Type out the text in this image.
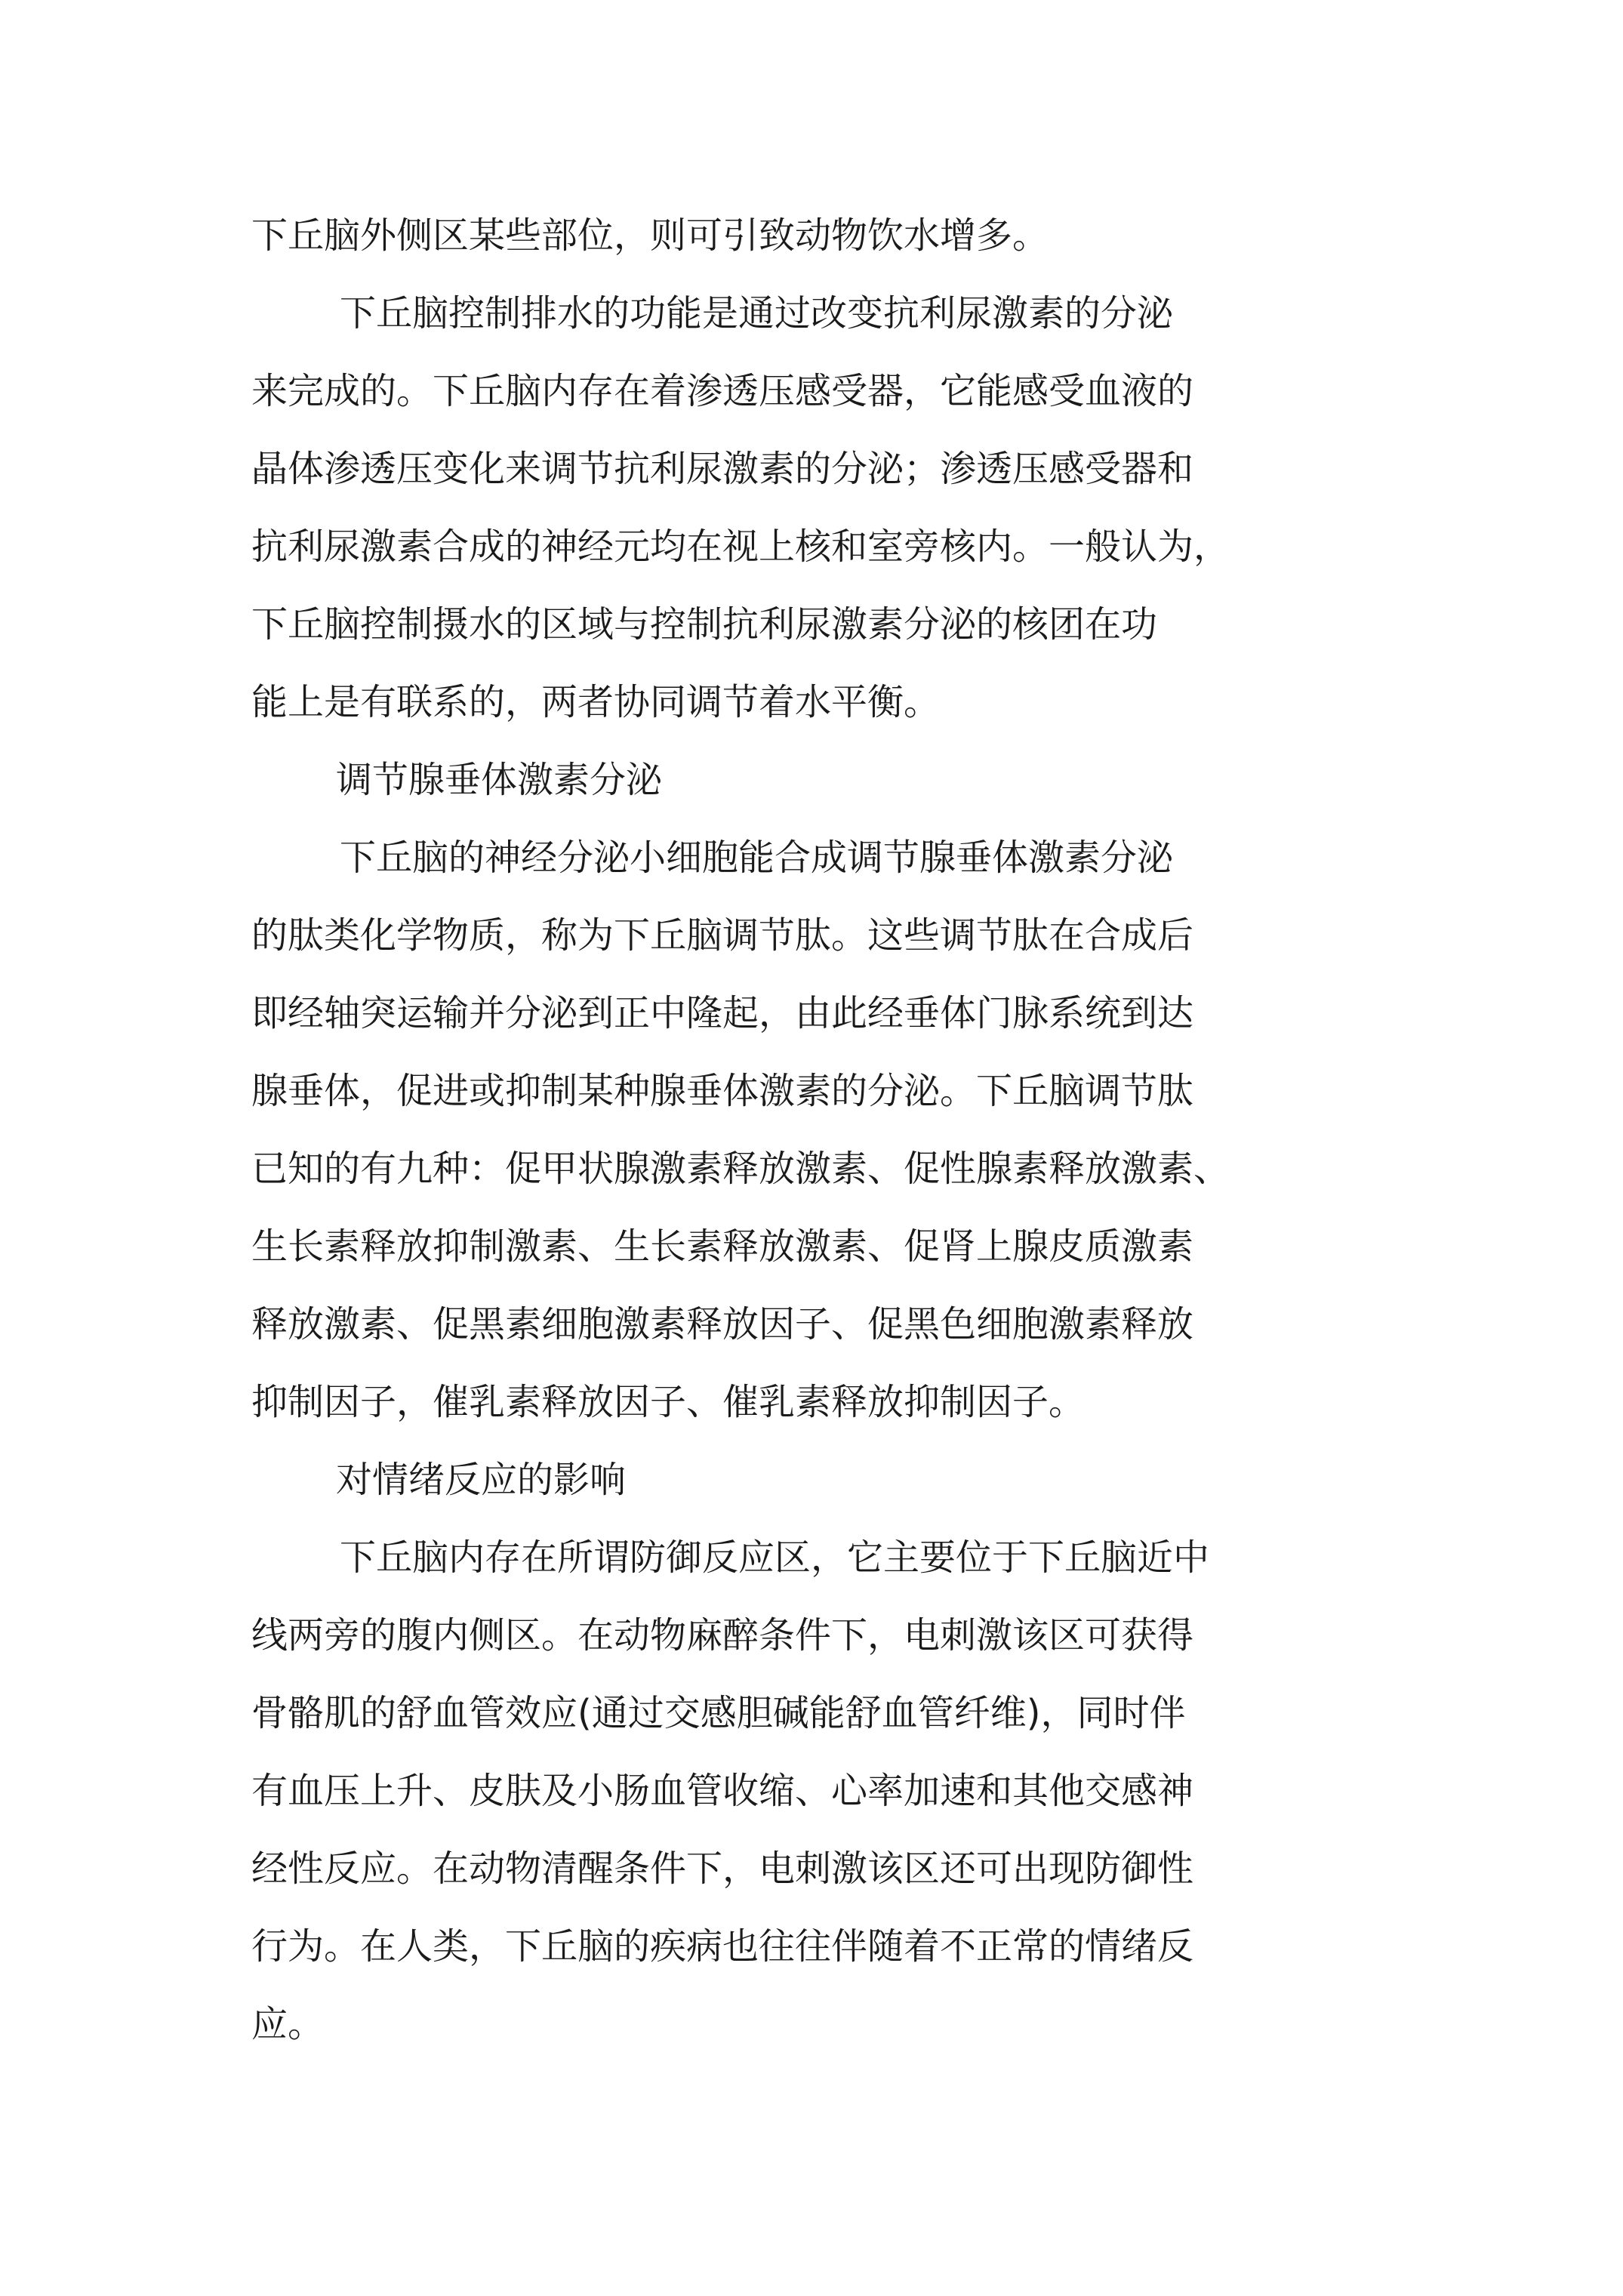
下丘脑外侧区某些部位，则可引致动物饮水增多。
下丘脑控制排水的功能是通过改变抗利尿激素的分泌
来完成的。下丘脑内存在着渗透压感受器，它能感受血液的
晶体渗透压变化来调节抗利尿激素的分泌；渗透压感受器和
抗利尿激素合成的神经元均在视上核和室旁核内。一般认为，
下丘脑控制摄水的区域与控制抗利尿激素分泌的核团在功
能上是有联系的，两者协同调节着水平衡。
调节腺垂体激素分泌
下丘脑的神经分泌小细胞能合成调节腺垂体激素分泌
的肽类化学物质，称为下丘脑调节肽。这些调节肽在合成后
即经轴突运输并分泌到正中隆起，由此经垂体门脉系统到达
腺垂体，促进或抑制某种腺垂体激素的分泌。下丘脑调节肽
已知的有九种：促甲状腺激素释放激素、促性腺素释放激素、
生长素释放抑制激素、生长素释放激素、促肾上腺皮质激素
释放激素、促黑素细胞激素释放因子、促黑色细胞激素释放
抑制因子，催乳素释放因子、催乳素释放抑制因子。
对情绪反应的影响
下丘脑内存在所谓防御反应区，它主要位于下丘脑近中
线两旁的腹内侧区。在动物麻醉条件下，电刺激该区可获得
骨骼肌的舒血管效应(通过交感胆碱能舒血管纤维)，同时伴
有血压上升、皮肤及小肠血管收缩、心率加速和其他交感神
经性反应。在动物清醒条件下，电刺激该区还可出现防御性
行为。在人类，下丘脑的疾病也往往伴随着不正常的情绪反
应。
